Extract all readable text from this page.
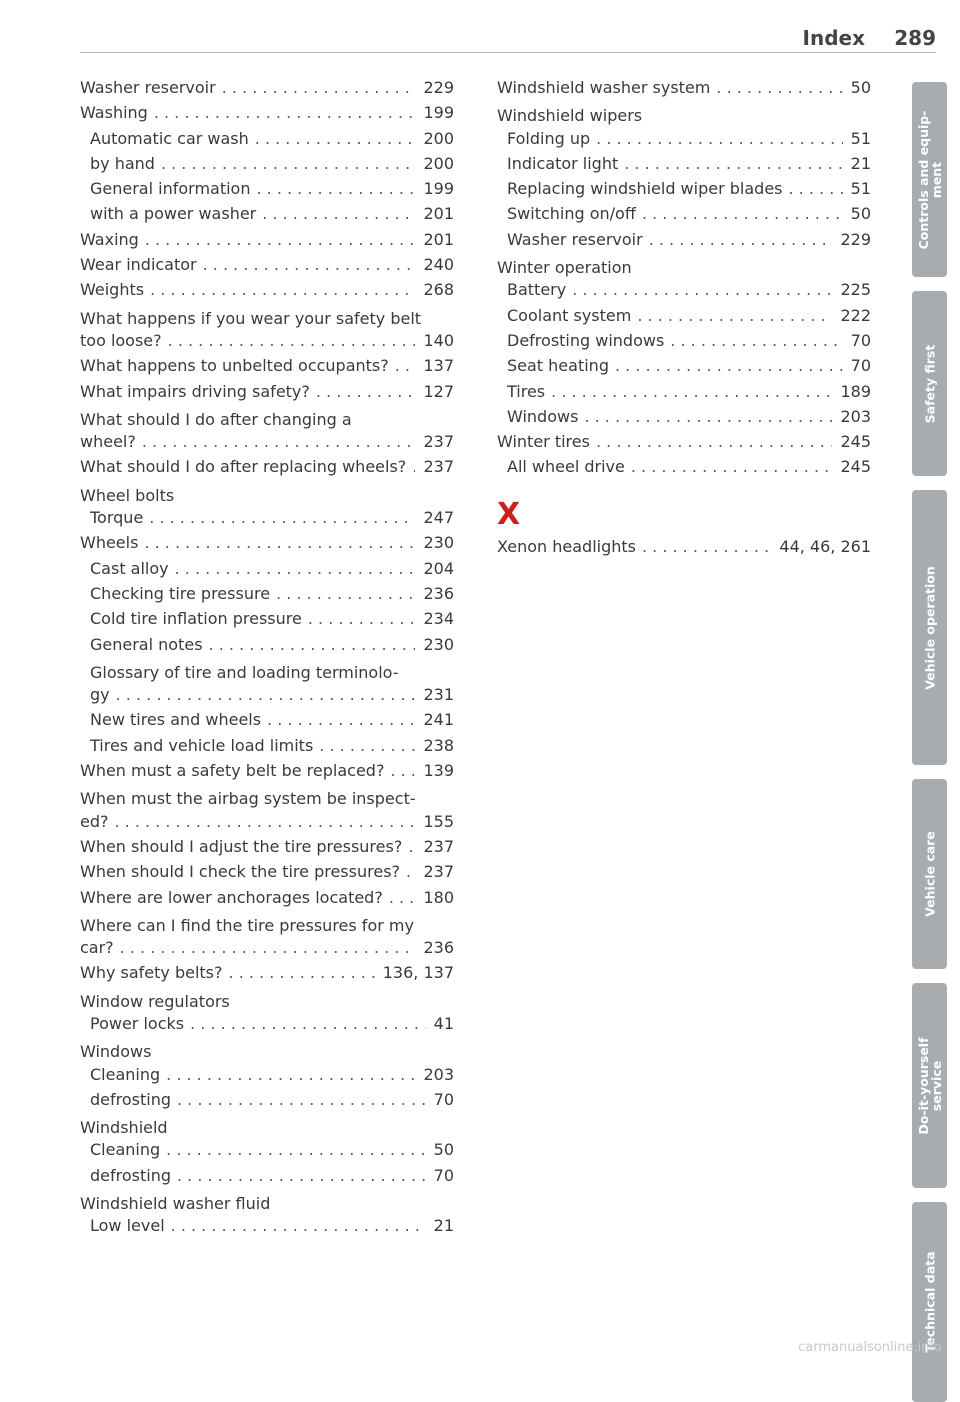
Index 289
Washer reservoir . . .	229
Washing . . .	199
Automatic car wash . . .	200
by hand . . .	200
General information . . .	199
with a power washer . . .	201
Waxing . . .	201
Wear indicator . . .	240
Weights . . .	268
What happens if you wear your safety belt
too loose? . . .	140
What happens to unbelted occupants? . . . 137
What impairs driving safety? . . .	127
What should I do after changing a
wheel? . . .	237
What should I do after replacing wheels? . . . 237
Wheel bolts
Torque . . .	247
Wheels . . .	230
Cast alloy . . .	204
Checking tire pressure . . .	236
Cold tire inflation pressure . . .	234
General notes . . .	230
Glossary of tire and loading terminolo-
gy . . .	231
New tires and wheels . . .	241
Tires and vehicle load limits . . .	238
When must a safety belt be replaced? . . . 139
When must the airbag system be inspect-
ed? . . .	155
When should I adjust the tire pressures? . . . 237
When should I check the tire pressures? . . . 237
Where are lower anchorages located? . . .	180
Where can I find the tire pressures for my
car? . . .	236
Why safety belts? . . .	136, 137
Window regulators
Power locks . . .	41
Windows
Cleaning . . .	203
defrosting . . .	70
Windshield
Cleaning . . .	50
defrosting . . .	70
Windshield washer fluid
Low level . . .	21
Windshield washer system . . .	50
Windshield wipers
Folding up . . .	51
Indicator light . . .	21
Replacing windshield wiper blades . . .	51
Switching on/off . . .	50
Washer reservoir . . .	229
Winter operation
Battery . . .	225
Coolant system . . .	222
Defrosting windows . . .	70
Seat heating . . .	70
Tires . . .	189
Windows . . .	203
Winter tires . . .	245
All wheel drive . . .	245
X
Xenon headlights . . .	44, 46, 261
Controls and equip-
ment
Safety first
Vehicle operation
Vehicle care
Do-it-yourself
service
Technical data
carmanualsonline.info
